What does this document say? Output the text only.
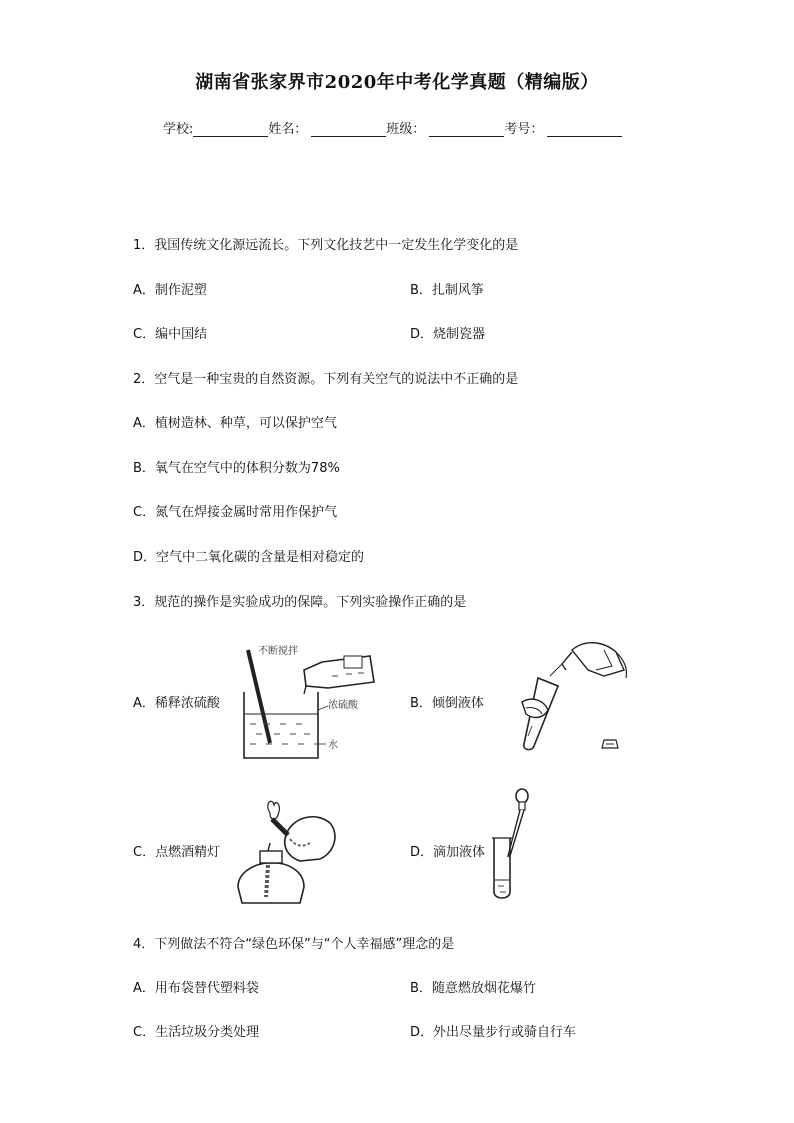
湖南省张家界市2020年中考化学真题（精编版）
学校:	姓名：	班级：	考号：
1．我国传统文化源远流长。下列文化技艺中一定发生化学变化的是
A．制作泥塑	B．扎制风筝
C．编中国结	D．烧制瓷器
2．空气是一种宝贵的自然资源。下列有关空气的说法中不正确的是
A．植树造林、种草，可以保护空气
B．氧气在空气中的体积分数为78%
C．氮气在焊接金属时常用作保护气
D．空气中二氧化碳的含量是相对稳定的
3．规范的操作是实验成功的保障。下列实验操作正确的是
A．稀释浓硫酸	B．倾倒液体
C．点燃酒精灯	D．滴加液体
不断搅拌
浓硫酸
水
4．下列做法不符合“绿色环保”与“个人幸福感”理念的是
A．用布袋替代塑料袋	B．随意燃放烟花爆竹
C．生活垃圾分类处理	D．外出尽量步行或骑自行车
